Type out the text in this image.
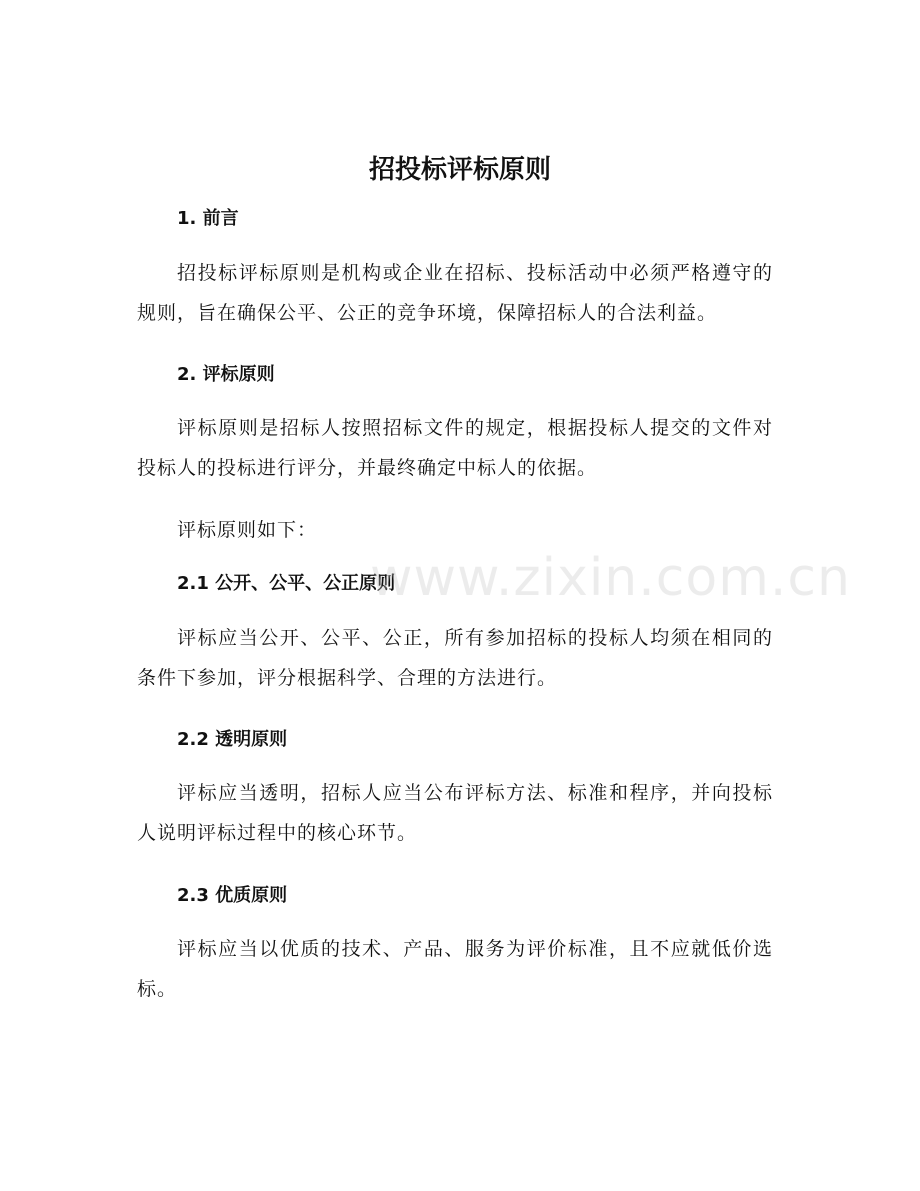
招投标评标原则
1. 前言
招投标评标原则是机构或企业在招标、投标活动中必须严格遵守的规则，旨在确保公平、公正的竞争环境，保障招标人的合法利益。
2. 评标原则
评标原则是招标人按照招标文件的规定，根据投标人提交的文件对投标人的投标进行评分，并最终确定中标人的依据。
评标原则如下：
2.1 公开、公平、公正原则
评标应当公开、公平、公正，所有参加招标的投标人均须在相同的条件下参加，评分根据科学、合理的方法进行。
2.2 透明原则
评标应当透明，招标人应当公布评标方法、标准和程序，并向投标人说明评标过程中的核心环节。
2.3 优质原则
评标应当以优质的技术、产品、服务为评价标准，且不应就低价选标。
www.zixin.com.cn
